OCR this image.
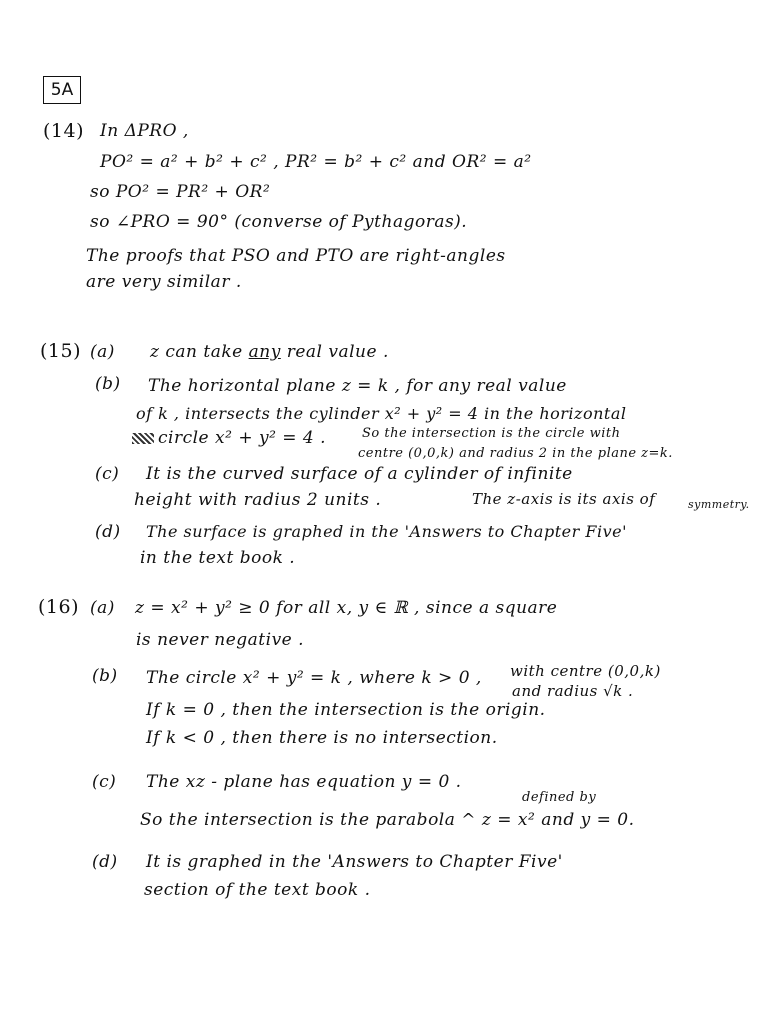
5A
(14) In ΔPRO ,
PO² = a² + b² + c² , PR² = b² + c² and OR² = a²
so PO² = PR² + OR²
so ∠PRO = 90° (converse of Pythagoras).
The proofs that PSO and PTO are right-angles
are very similar .
(15) (a) z can take any real value .
(b) The horizontal plane z = k , for any real value
of k , intersects the cylinder x² + y² = 4 in the horizontal
circle x² + y² = 4 .	So the intersection is the circle with
centre (0,0,k) and radius 2 in the plane z=k.
(c) It is the curved surface of a cylinder of infinite
height with radius 2 units .	The z-axis is its axis of	symmetry.
(d) The surface is graphed in the 'Answers to Chapter Five'
in the text book .
(16) (a) z = x² + y² ≥ 0 for all x, y ∈ ℝ , since a square
is never negative .
(b) The circle x² + y² = k , where k > 0 , with centre (0,0,k)
and radius √k .
If k = 0 , then the intersection is the origin.
If k < 0 , then there is no intersection.
(c) The xz - plane has equation y = 0 .
defined by
So the intersection is the parabola ^ z = x² and y = 0.
(d) It is graphed in the 'Answers to Chapter Five'
section of the text book .
